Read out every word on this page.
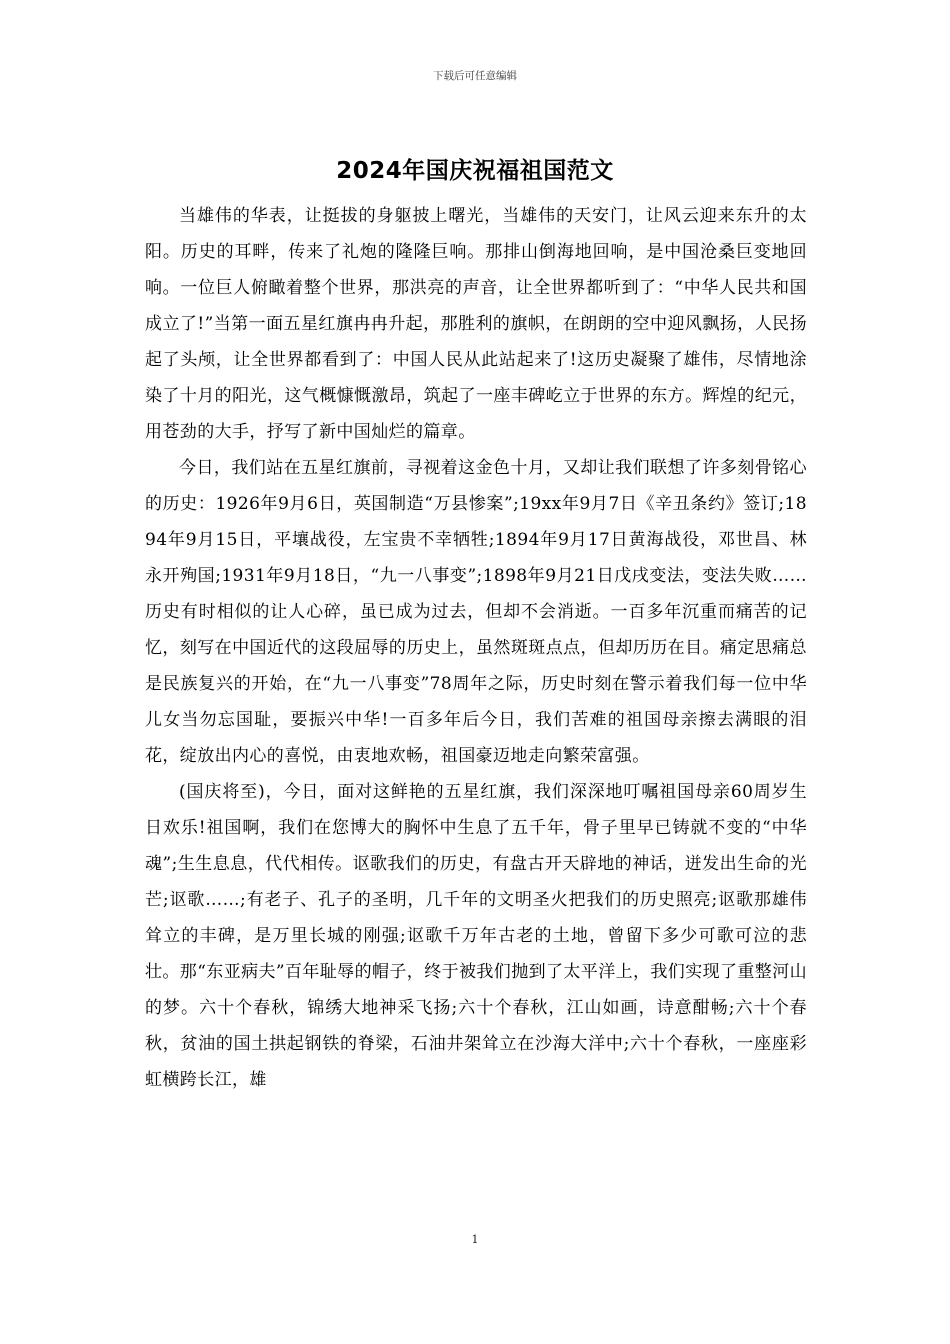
下载后可任意编辑
2024年国庆祝福祖国范文

当雄伟的华表，让挺拔的身躯披上曙光，当雄伟的天安门，让风云迎来东升的太阳。历史的耳畔，传来了礼炮的隆隆巨响。那排山倒海地回响，是中国沧桑巨变地回响。一位巨人俯瞰着整个世界，那洪亮的声音，让全世界都听到了：“中华人民共和国成立了!”当第一面五星红旗冉冉升起，那胜利的旗帜，在朗朗的空中迎风飘扬，人民扬起了头颅，让全世界都看到了：中国人民从此站起来了!这历史凝聚了雄伟，尽情地涂染了十月的阳光，这气概慷慨激昂，筑起了一座丰碑屹立于世界的东方。辉煌的纪元，用苍劲的大手，抒写了新中国灿烂的篇章。

今日，我们站在五星红旗前，寻视着这金色十月，又却让我们联想了许多刻骨铭心的历史：1926年9月6日，英国制造“万县惨案”;19xx年9月7日《辛丑条约》签订;1894年9月15日，平壤战役，左宝贵不幸牺牲;1894年9月17日黄海战役，邓世昌、林永开殉国;1931年9月18日，“九一八事变”;1898年9月21日戊戌变法，变法失败……历史有时相似的让人心碎，虽已成为过去，但却不会消逝。一百多年沉重而痛苦的记忆，刻写在中国近代的这段屈辱的历史上，虽然斑斑点点，但却历历在目。痛定思痛总是民族复兴的开始，在“九一八事变”78周年之际，历史时刻在警示着我们每一位中华儿女当勿忘国耻，要振兴中华!一百多年后今日，我们苦难的祖国母亲擦去满眼的泪花，绽放出内心的喜悦，由衷地欢畅，祖国豪迈地走向繁荣富强。

(国庆将至)，今日，面对这鲜艳的五星红旗，我们深深地叮嘱祖国母亲60周岁生日欢乐!祖国啊，我们在您博大的胸怀中生息了五千年，骨子里早已铸就不变的“中华魂”;生生息息，代代相传。讴歌我们的历史，有盘古开天辟地的神话，迸发出生命的光芒;讴歌……;有老子、孔子的圣明，几千年的文明圣火把我们的历史照亮;讴歌那雄伟耸立的丰碑，是万里长城的刚强;讴歌千万年古老的土地，曾留下多少可歌可泣的悲壮。那“东亚病夫”百年耻辱的帽子，终于被我们抛到了太平洋上，我们实现了重整河山的梦。六十个春秋，锦绣大地神采飞扬;六十个春秋，江山如画，诗意酣畅;六十个春秋，贫油的国土拱起钢铁的脊梁，石油井架耸立在沙海大洋中;六十个春秋，一座座彩虹横跨长江，雄

1
